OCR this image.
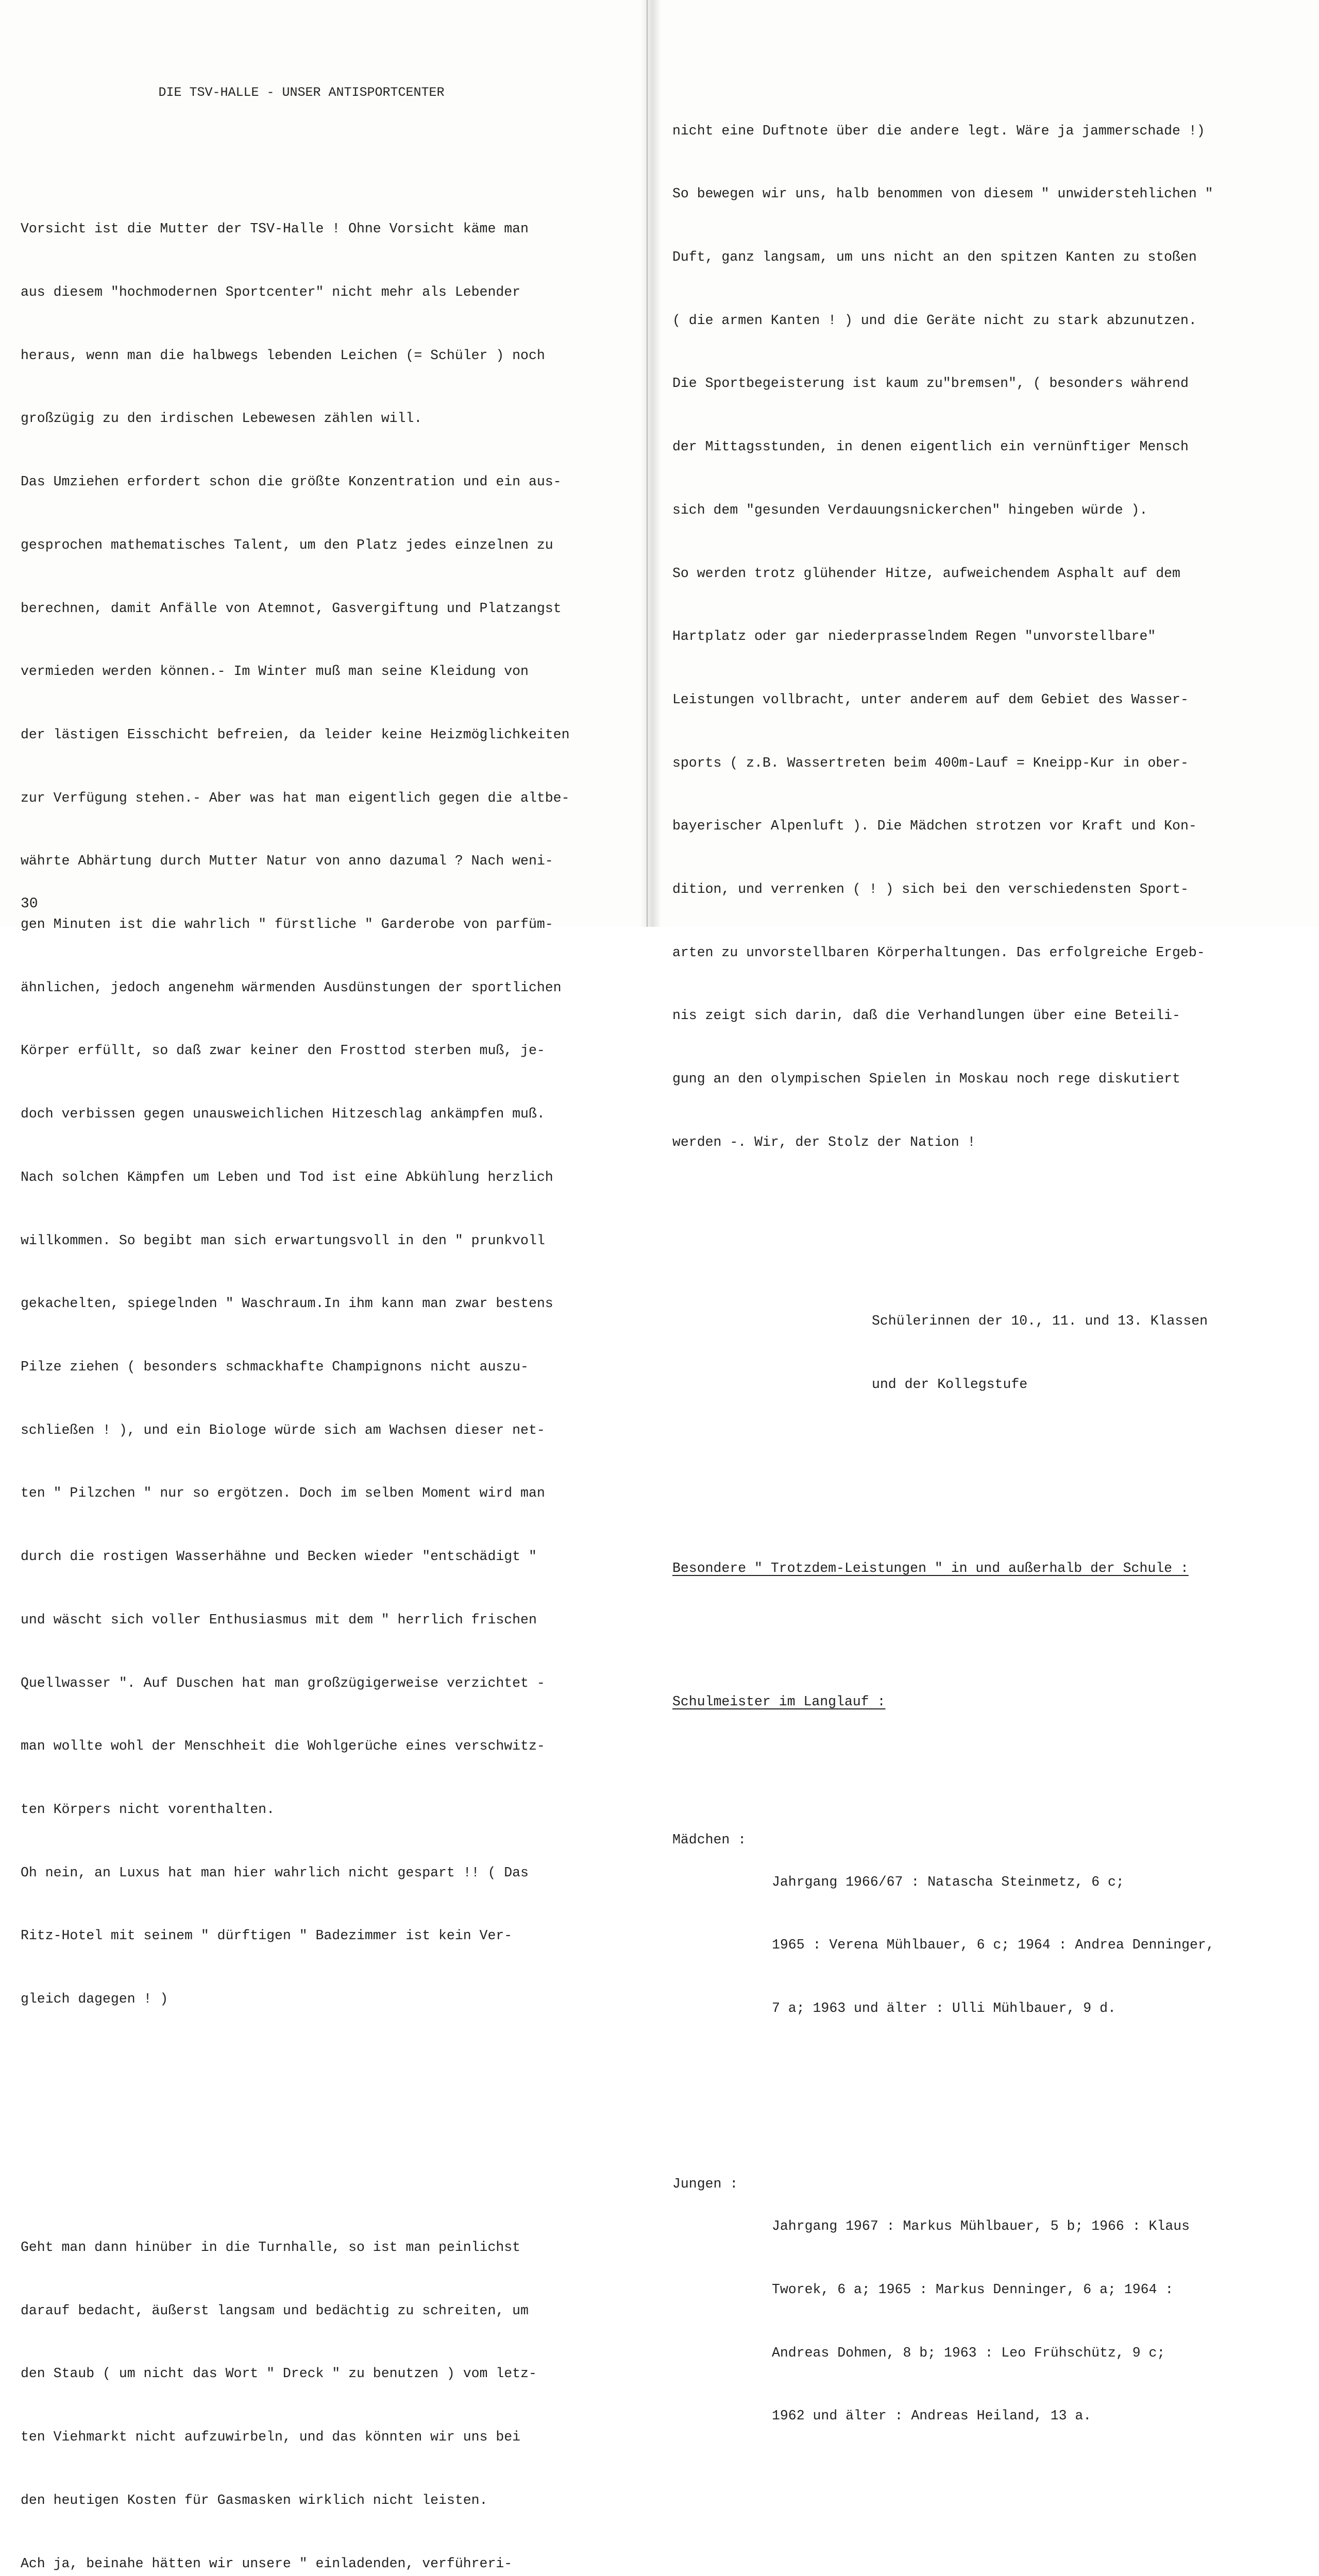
DIE TSV-HALLE - UNSER ANTISPORTCENTER

Vorsicht ist die Mutter der TSV-Halle ! Ohne Vorsicht käme man

aus diesem "hochmodernen Sportcenter" nicht mehr als Lebender

heraus, wenn man die halbwegs lebenden Leichen (= Schüler ) noch

großzügig zu den irdischen Lebewesen zählen will.

Das Umziehen erfordert schon die größte Konzentration und ein aus-

gesprochen mathematisches Talent, um den Platz jedes einzelnen zu

berechnen, damit Anfälle von Atemnot, Gasvergiftung und Platzangst

vermieden werden können.- Im Winter muß man seine Kleidung von

der lästigen Eisschicht befreien, da leider keine Heizmöglichkeiten

zur Verfügung stehen.- Aber was hat man eigentlich gegen die altbe-

währte Abhärtung durch Mutter Natur von anno dazumal ? Nach weni-

gen Minuten ist die wahrlich " fürstliche " Garderobe von parfüm-

ähnlichen, jedoch angenehm wärmenden Ausdünstungen der sportlichen

Körper erfüllt, so daß zwar keiner den Frosttod sterben muß, je-

doch verbissen gegen unausweichlichen Hitzeschlag ankämpfen muß.

Nach solchen Kämpfen um Leben und Tod ist eine Abkühlung herzlich

willkommen. So begibt man sich erwartungsvoll in den " prunkvoll

gekachelten, spiegelnden " Waschraum.In ihm kann man zwar bestens

Pilze ziehen ( besonders schmackhafte Champignons nicht auszu-

schließen ! ), und ein Biologe würde sich am Wachsen dieser net-

ten " Pilzchen " nur so ergötzen. Doch im selben Moment wird man

durch die rostigen Wasserhähne und Becken wieder "entschädigt "

und wäscht sich voller Enthusiasmus mit dem " herrlich frischen

Quellwasser ". Auf Duschen hat man großzügigerweise verzichtet -

man wollte wohl der Menschheit die Wohlgerüche eines verschwitz-

ten Körpers nicht vorenthalten.

Oh nein, an Luxus hat man hier wahrlich nicht gespart !! ( Das

Ritz-Hotel mit seinem " dürftigen " Badezimmer ist kein Ver-

gleich dagegen ! )

Geht man dann hinüber in die Turnhalle, so ist man peinlichst

darauf bedacht, äußerst langsam und bedächtig zu schreiten, um

den Staub ( um nicht das Wort " Dreck " zu benutzen ) vom letz-

ten Viehmarkt nicht aufzuwirbeln, und das könnten wir uns bei

den heutigen Kosten für Gasmasken wirklich nicht leisten.

Ach ja, beinahe hätten wir unsere " einladenden, verführeri-

30

nicht eine Duftnote über die andere legt. Wäre ja jammerschade !)

So bewegen wir uns, halb benommen von diesem " unwiderstehlichen "

Duft, ganz langsam, um uns nicht an den spitzen Kanten zu stoßen

( die armen Kanten ! ) und die Geräte nicht zu stark abzunutzen.

Die Sportbegeisterung ist kaum zu"bremsen", ( besonders während

der Mittagsstunden, in denen eigentlich ein vernünftiger Mensch

sich dem "gesunden Verdauungsnickerchen" hingeben würde ).

So werden trotz glühender Hitze, aufweichendem Asphalt auf dem

Hartplatz oder gar niederprasselndem Regen "unvorstellbare"

Leistungen vollbracht, unter anderem auf dem Gebiet des Wasser-

sports ( z.B. Wassertreten beim 400m-Lauf = Kneipp-Kur in ober-

bayerischer Alpenluft ). Die Mädchen strotzen vor Kraft und Kon-

dition, und verrenken ( ! ) sich bei den verschiedensten Sport-

arten zu unvorstellbaren Körperhaltungen. Das erfolgreiche Ergeb-

nis zeigt sich darin, daß die Verhandlungen über eine Beteili-

gung an den olympischen Spielen in Moskau noch rege diskutiert

werden -. Wir, der Stolz der Nation !

Schülerinnen der 10., 11. und 13. Klassen

und der Kollegstufe

Besondere " Trotzdem-Leistungen " in und außerhalb der Schule :

Schulmeister im Langlauf :

Mädchen :

Jahrgang 1966/67 : Natascha Steinmetz, 6 c;

1965 : Verena Mühlbauer, 6 c; 1964 : Andrea Denninger,

7 a; 1963 und älter : Ulli Mühlbauer, 9 d.

Jungen :

Jahrgang 1967 : Markus Mühlbauer, 5 b; 1966 : Klaus

Tworek, 6 a; 1965 : Markus Denninger, 6 a; 1964 :

Andreas Dohmen, 8 b; 1963 : Leo Frühschütz, 9 c;

1962 und älter : Andreas Heiland, 13 a.
